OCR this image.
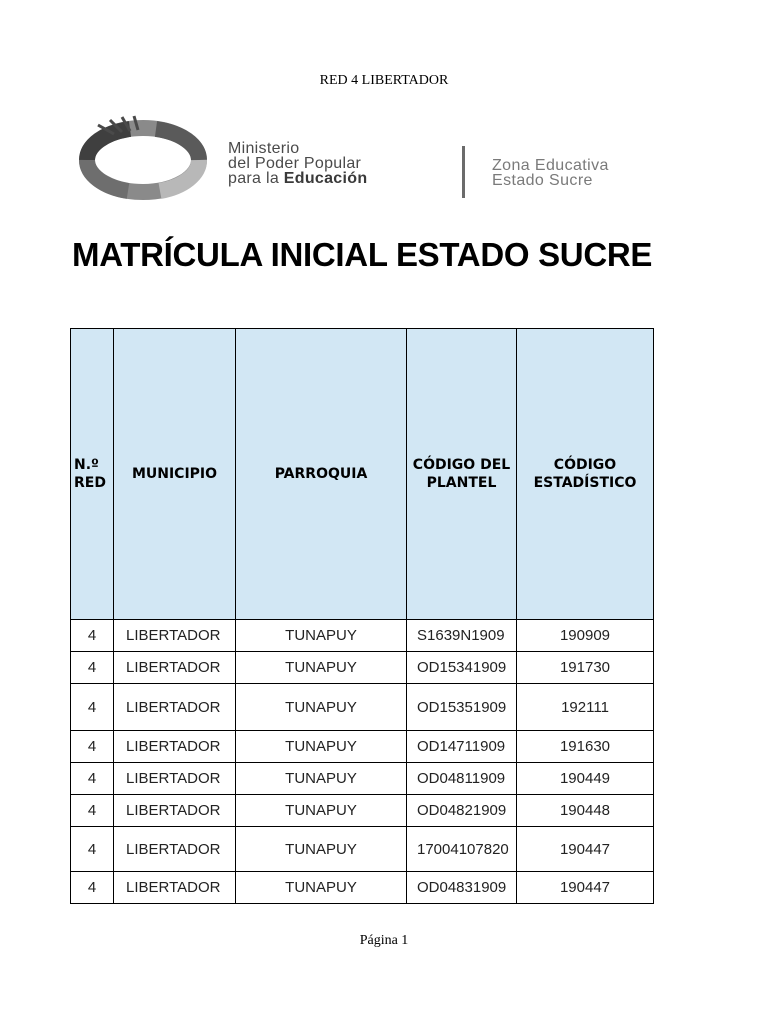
RED 4 LIBERTADOR
Ministerio
del Poder Popular
para la Educación
Zona Educativa
Estado Sucre
MATRÍCULA INICIAL ESTADO SUCRE
N.º RED	MUNICIPIO	PARROQUIA	CÓDIGO DEL PLANTEL	CÓDIGO ESTADÍSTICO
4	LIBERTADOR	TUNAPUY	S1639N1909	190909
4	LIBERTADOR	TUNAPUY	OD15341909	191730
4	LIBERTADOR	TUNAPUY	OD15351909	192111
4	LIBERTADOR	TUNAPUY	OD14711909	191630
4	LIBERTADOR	TUNAPUY	OD04811909	190449
4	LIBERTADOR	TUNAPUY	OD04821909	190448
4	LIBERTADOR	TUNAPUY	17004107820	190447
4	LIBERTADOR	TUNAPUY	OD04831909	190447
Página 1
